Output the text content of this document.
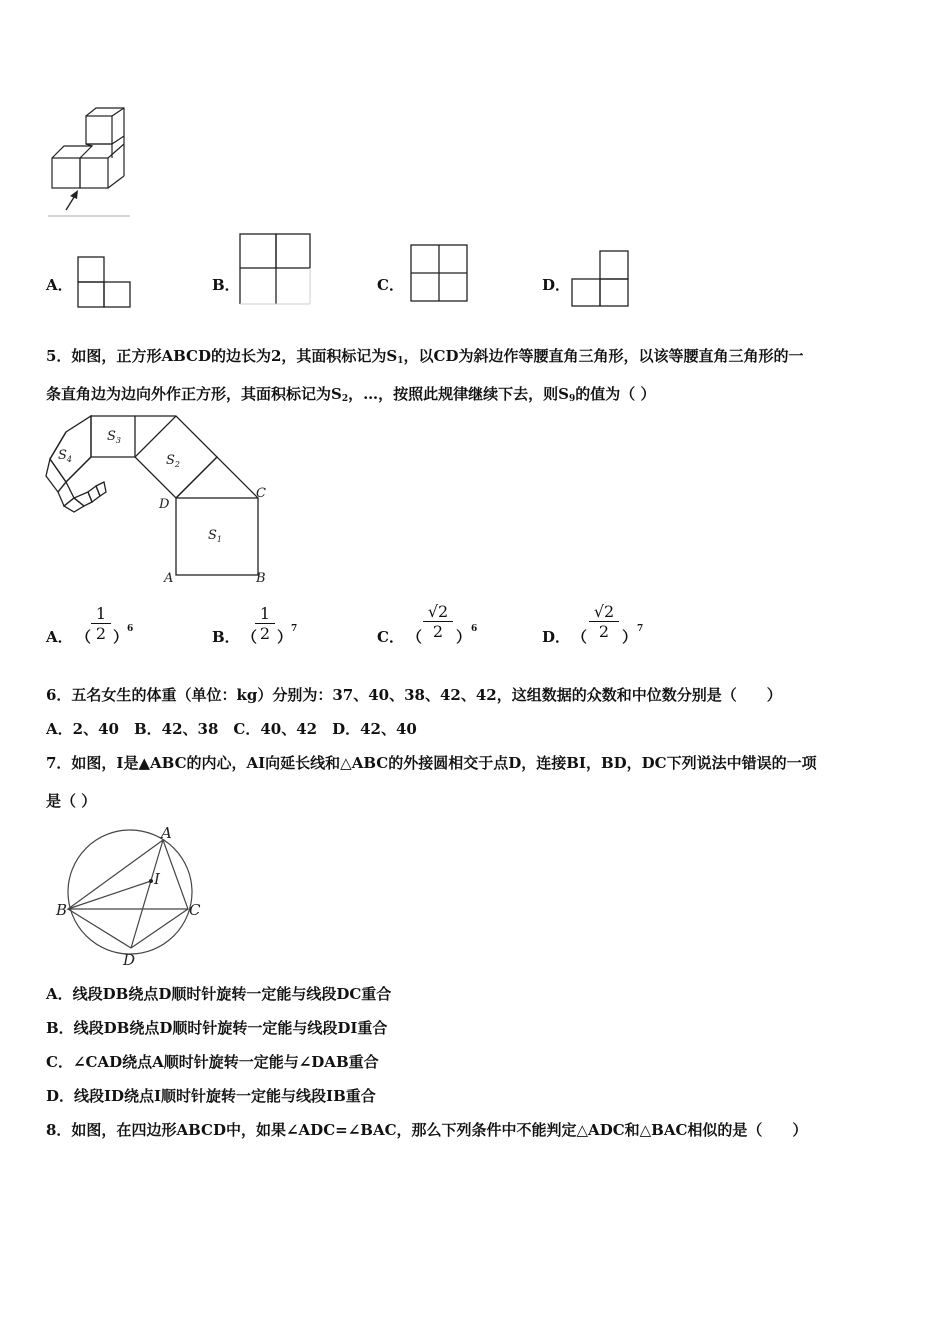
A．	B．	C．	D．
5．如图，正方形ABCD的边长为2，其面积标记为$S_1$，以CD为斜边作等腰直角三角形，以该等腰直角三角形的一
条直角边为边向外作正方形，其面积标记为$S_2$，…，按照此规律继续下去，则$S_9$的值为（ ）
$S_1$
$S_2$
$S_3$
$S_4$
A	B
C
D
A． （ $\frac{1}{2}$ ）
6	B． （
$\frac{1}{2}$ ）
7	C． （ $\frac{√2}{2}$ ） 6	D． （ $\frac{√2}{2}$ ） 7
6．五名女生的体重（单位：kg）分别为：37、40、38、42、42，这组数据的众数和中位数分别是（　　）
A．2、40　B．42、38　C．40、42　D．42、40
7．如图，I是▲ABC的内心，AI向延长线和△ABC的外接圆相交于点D，连接BI，BD，DC下列说法中错误的一项
是（ ）
A
B	C
D
I
A．线段DB绕点D顺时针旋转一定能与线段DC重合
B．线段DB绕点D顺时针旋转一定能与线段DI重合
C．∠CAD绕点A顺时针旋转一定能与∠DAB重合
D．线段ID绕点I顺时针旋转一定能与线段IB重合
8．如图，在四边形ABCD中，如果∠ADC=∠BAC，那么下列条件中不能判定△ADC和△BAC相似的是（　　）
